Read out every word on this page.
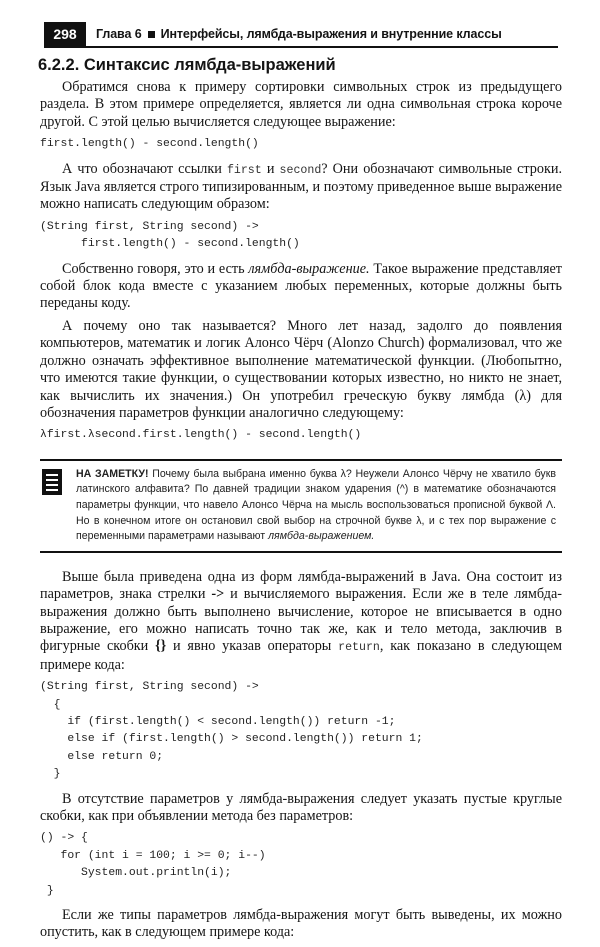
298	Глава 6 Интерфейсы, лямбда-выражения и внутренние классы
6.2.2. Синтаксис лямбда-выражений
Обратимся снова к примеру сортировки символьных строк из предыдущего раздела. В этом примере определяется, является ли одна символьная строка короче другой. С этой целью вычисляется следующее выражение:
first.length() - second.length()
А что обозначают ссылки first и second? Они обозначают символьные строки. Язык Java является строго типизированным, и поэтому приведенное выше выражение можно написать следующим образом:
(String first, String second) ->
first.length() - second.length()
Собственно говоря, это и есть лямбда-выражение. Такое выражение представляет собой блок кода вместе с указанием любых переменных, которые должны быть переданы коду.
А почему оно так называется? Много лет назад, задолго до появления компьютеров, математик и логик Алонсо Чёрч (Alonzo Church) формализовал, что же должно означать эффективное выполнение математической функции. (Любопытно, что имеются такие функции, о существовании которых известно, но никто не знает, как вычислить их значения.) Он употребил греческую букву лямбда (λ) для обозначения параметров функции аналогично следующему:
λfirst.λsecond.first.length() - second.length()
НА ЗАМЕТКУ! Почему была выбрана именно буква λ? Неужели Алонсо Чёрчу не хватило букв латинского алфавита? По давней традиции знаком ударения (^) в математике обозначаются параметры функции, что навело Алонсо Чёрча на мысль воспользоваться прописной буквой Λ. Но в конечном итоге он остановил свой выбор на строчной букве λ, и с тех пор выражение с переменными параметрами называют лямбда-выражением.
Выше была приведена одна из форм лямбда-выражений в Java. Она состоит из параметров, знака стрелки -> и вычисляемого выражения. Если же в теле лямбда-выражения должно быть выполнено вычисление, которое не вписывается в одно выражение, его можно написать точно так же, как и тело метода, заключив в фигурные скобки {} и явно указав операторы return, как показано в следующем примере кода:
(String first, String second) ->
{
if (first.length() < second.length()) return -1;
else if (first.length() > second.length()) return 1;
else return 0;
}
В отсутствие параметров у лямбда-выражения следует указать пустые круглые скобки, как при объявлении метода без параметров:
() -> {
for (int i = 100; i >= 0; i--)
System.out.println(i);
}
Если же типы параметров лямбда-выражения могут быть выведены, их можно опустить, как в следующем примере кода:
